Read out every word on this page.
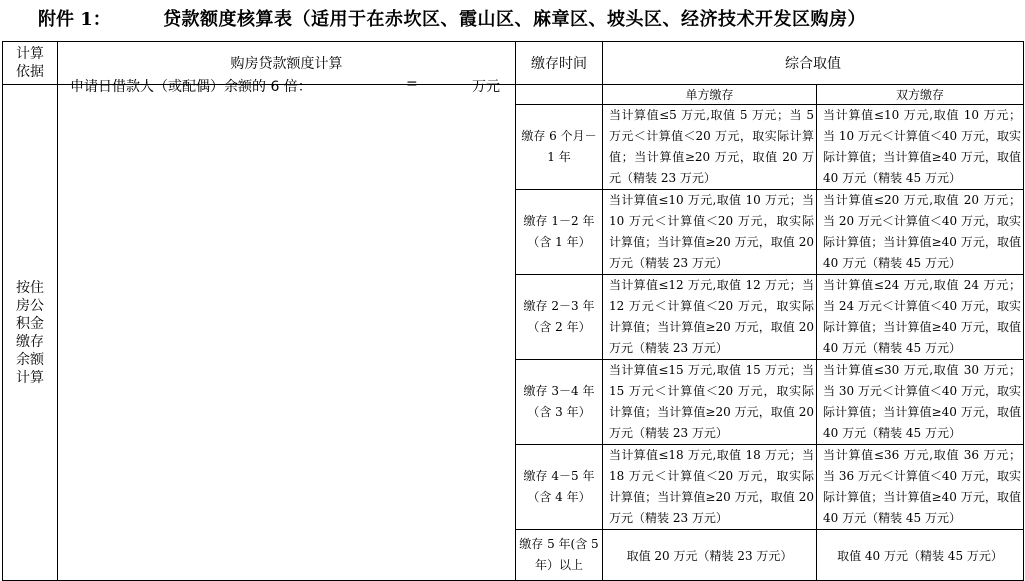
附件 1：	贷款额度核算表（适用于在赤坎区、霞山区、麻章区、坡头区、经济技术开发区购房）
计算依据	购房贷款额度计算	缴存时间	综合取值	

按住房公积金缴存余额计算	申请日借款人（或配偶）余额的 6 倍： = 万元		单方缴存	双方缴存
		缴存 6 个月－1 年	当计算值≤5 万元,取值 5 万元；当 5 万元＜计算值＜20 万元，取实际计算值；当计算值≥20 万元，取值 20 万元（精装 23 万元）	当计算值≤10 万元,取值 10 万元；当 10 万元＜计算值＜40 万元，取实际计算值；当计算值≥40 万元，取值 40 万元（精装 45 万元）
		缴存 1－2 年（含 1 年）	当计算值≤10 万元,取值 10 万元；当 10 万元＜计算值＜20 万元，取实际计算值；当计算值≥20 万元，取值 20 万元（精装 23 万元）	当计算值≤20 万元,取值 20 万元；当 20 万元＜计算值＜40 万元，取实际计算值；当计算值≥40 万元，取值 40 万元（精装 45 万元）
		缴存 2－3 年（含 2 年）	当计算值≤12 万元,取值 12 万元；当 12 万元＜计算值＜20 万元，取实际计算值；当计算值≥20 万元，取值 20 万元（精装 23 万元）	当计算值≤24 万元,取值 24 万元；当 24 万元＜计算值＜40 万元，取实际计算值；当计算值≥40 万元，取值 40 万元（精装 45 万元）
		缴存 3－4 年（含 3 年）	当计算值≤15 万元,取值 15 万元；当 15 万元＜计算值＜20 万元，取实际计算值；当计算值≥20 万元，取值 20 万元（精装 23 万元）	当计算值≤30 万元,取值 30 万元；当 30 万元＜计算值＜40 万元，取实际计算值；当计算值≥40 万元，取值 40 万元（精装 45 万元）
		缴存 4－5 年（含 4 年）	当计算值≤18 万元,取值 18 万元；当 18 万元＜计算值＜20 万元，取实际计算值；当计算值≥20 万元，取值 20 万元（精装 23 万元）	当计算值≤36 万元,取值 36 万元；当 36 万元＜计算值＜40 万元，取实际计算值；当计算值≥40 万元，取值 40 万元（精装 45 万元）
		缴存 5 年(含 5 年）以上	取值 20 万元（精装 23 万元）	取值 40 万元（精装 45 万元）
